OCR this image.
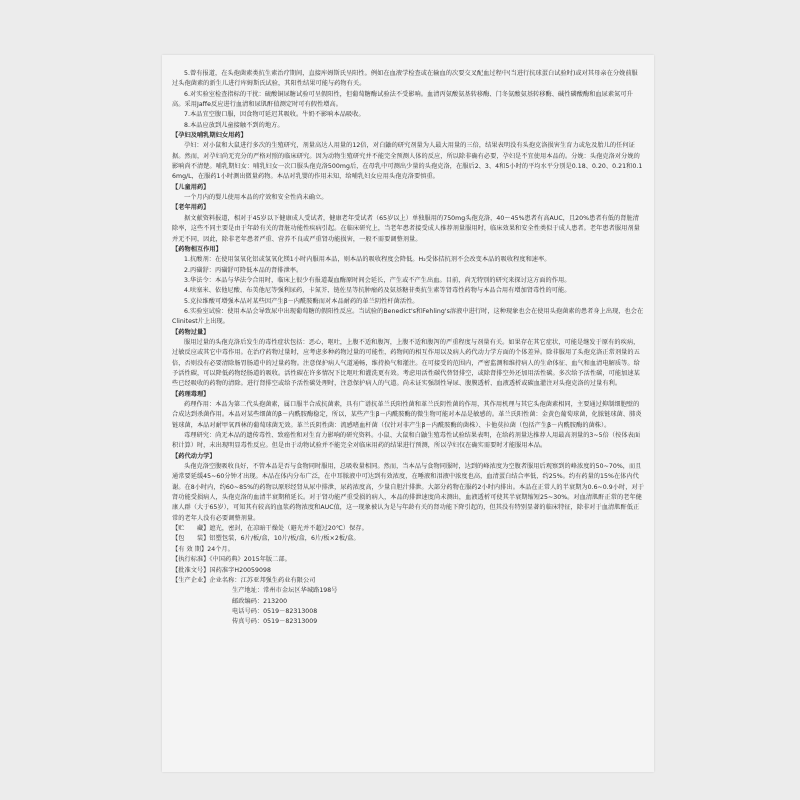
5.曾有报道，在头孢菌素类抗生素治疗期间，直接库姆斯氏呈阳性。例如在血液学检查或在输血的次要交叉配血过程中(当进行抗球蛋白试验时)或对其母亲在分娩前服过头孢菌素的新生儿进行库姆斯氏试验，其阳性结果可能与药物有关。

6.对实验室检查指标的干扰：硫酸铜尿糖试验可呈假阳性，但葡萄糖酶试验法不受影响。血清丙氨酸氨基转移酶、门冬氨酸氨基转移酶、碱性磷酸酶和血尿素氮可升高。采用Jaffe反应进行血清和尿肌酐值测定时可有假性增高。

7.本品宜空腹口服，因食物可延迟其吸收。牛奶不影响本品吸收。

8.本品应放到儿童接触不到的地方。

【孕妇及哺乳期妇女用药】

孕妇：对小鼠和大鼠进行多次的生殖研究，剂量高达人用量的12倍，对白鼬的研究剂量为人最大用量的三倍，结果表明没有头孢克洛损害生育力或危及胎儿的任何证据。然而，对孕妇尚无充分的严格对照的临床研究。因为动物生殖研究并不能完全预测人体的反应，所以除非确有必要，孕妇是不宜使用本品的。分娩：头孢克洛对分娩的影响尚不清楚。哺乳期妇女：哺乳妇女一次口服头孢克洛500mg后，在母乳中可测出少量的头孢克洛，在服后2、3、4和5小时的平均水平分别是0.18、0.20、0.21和0.16mg/L，在服药1小时测出微量药物。本品对乳婴的作用未知，给哺乳妇女应用头孢克洛要慎重。

【儿童用药】

一个月内的婴儿使用本品的疗效和安全性尚未确立。

【老年用药】

据文献资料报道，相对于45岁以下健康成人受试者，健康老年受试者（65岁以上）单独服用的750mg头孢克洛，40～45%患者有高AUC，且20%患者有低的肾脏清除率，这些不同主要是由于年龄有关的肾脏功能性疾病引起。在临床研究上，当老年患者接受成人推荐剂量服用时，临床效果和安全性类似于成人患者。老年患者服用剂量并无不同，因此，除非老年患者严重、营养不良或严重肾功能损害，一般不需要调整剂量。

【药物相互作用】

1.抗酸剂：在使用氢氧化铝或氢氧化镁1小时内服用本品，则本品的吸收程度会降低。H₂受体拮抗剂不会改变本品的吸收程度和速率。

2.丙磺舒：丙磺舒可降低本品的肾排泄率。

3.华法令：本品与华法令合用时，临床上很少有报道凝血酶原时间会延长，产生或不产生出血。目前，尚无特别的研究来探讨这方面的作用。

4.呋塞米、依他尼酸、布美他尼等强利尿药，卡氮芥、链佐星等抗肿瘤药及氨基糖苷类抗生素等肾毒性药物与本品合用有增加肾毒性的可能。

5.克拉维酸可增强本品对某些因产生β－内酰胺酶而对本品耐药的革兰阴性杆菌活性。

6.实验室试验：使用本品会导致尿中出现葡萄糖的假阳性反应。当试验的Benedict's和Fehling's溶液中进行时，这种现象也会在使用头孢菌素的患者身上出现，也会在Clinitest片上出现。

【药物过量】

服用过量的头孢克洛后发生的毒性症状包括：恶心，呕吐，上腹不适和腹泻，上腹不适和腹泻的严重程度与剂量有关。如果存在其它症状，可能是继发于原有的疾病，过敏反应或其它中毒作用。在治疗药物过量时，应考虑多种药物过量的可能性，药物间的相互作用以及病人药代动力学方面的个体差异。除非服用了头孢克洛正常剂量的五倍，否则没有必要清除肠胃肠道中的过量药物。注意保护病人气道通畅，维持换气和灌注。在可接受的范围内，严密监测和维持病人的生命体征、血气和血清电解质等。给予活性碳，可以降低药物经肠道的吸收。活性碳在许多情况下比呕吐和灌洗更有效。考虑用活性碳代替肾排空，或除肾排空外还加用活性碳。多次给予活性碳，可能加速某些已经吸收的药物的清除。进行肾排空或给予活性碳处理时，注意保护病人的气道。尚未证实强制性导尿、腹膜透析、血液透析或碳血灌注对头孢克洛的过量有利。

【药理毒理】

药理作用：本品为第二代头孢菌素，属口服半合成抗菌素，具有广谱抗革兰氏阳性菌和革兰氏阴性菌的作用，其作用机理与其它头孢菌素相同，主要通过抑制细胞壁的合成达到杀菌作用。本品对某些细菌的β－内酰胺酶稳定，所以，某些产生β－内酰胺酶的微生物可能对本品是敏感的。革兰氏阳性菌：金黄色葡萄球菌，化脓链球菌、肺炎链球菌，本品对耐甲氧西林的葡萄球菌无效。革兰氏阴性菌：流感嗜血杆菌（仅针对非产生β－内酰胺酶的菌株）、卡他莫拉菌（包括产生β－内酰胺酶的菌株）。

毒理研究：尚无本品的遗传毒性、致癌性和对生育力影响的研究资料。小鼠、大鼠和白鼬生殖毒性试验结果表明，在给药剂量达推荐人用最高剂量的3~5倍（按体表面积计算）时，未出现明显毒性反应。但是由于动物试验并不能完全对临床用药的结果进行预测，所以孕妇仅在确实需要时才能服用本品。

【药代动力学】

头孢克洛空腹吸收良好，不管本品是否与食物同时服用，总吸收量相同。然而，当本品与食物同服时，达到的峰浓度为空腹者服用后观察到的峰浓度的50~70%，而且通常要延缓45~60分钟才出现。本品在体内分布广泛，在中耳脓液中可达到有效浓度，在唾液和泪液中浓度也高，血清蛋白结合率低，约25%。约有药量的15%在体内代谢。在8小时内，约60~85%的药物以原形经肾从尿中排泄，尿药浓度高，少量自胆汁排泄。大部分药物在服药2小时内排出。本品在正常人的半衰期为0.6~0.9小时，对于肾功能受损病人，头孢克洛的血清半衰期稍延长。对于肾功能严重受损的病人，本品的排泄速度尚未测出，血液透析可使其半衰期缩短25~30%。对血清肌酐正常的老年健康人群（大于65岁），可知其有较高的血浆药物浓度和AUC值，这一现象被认为是与年龄有关的肾功能下降引起的，但其没有特别显著的临床特征，除非对于血清肌酐低正常的老年人没有必要调整剂量。

【贮　　藏】遮光，密封，在凉暗干燥处（避光并不超过20℃）保存。

【包　　装】铝塑包装，6片/板/盒，10片/板/盒，6片/板×2板/盒。

【有 效 期】24个月。

【执行标准】《中国药典》2015年版二部。

【批准文号】国药准字H20059098

【生产企业】企业名称：江苏亚邦强生药业有限公司

生产地址：常州市金坛区华城路198号

邮政编码：213200

电话号码：0519－82313008

传真号码：0519－82313009
